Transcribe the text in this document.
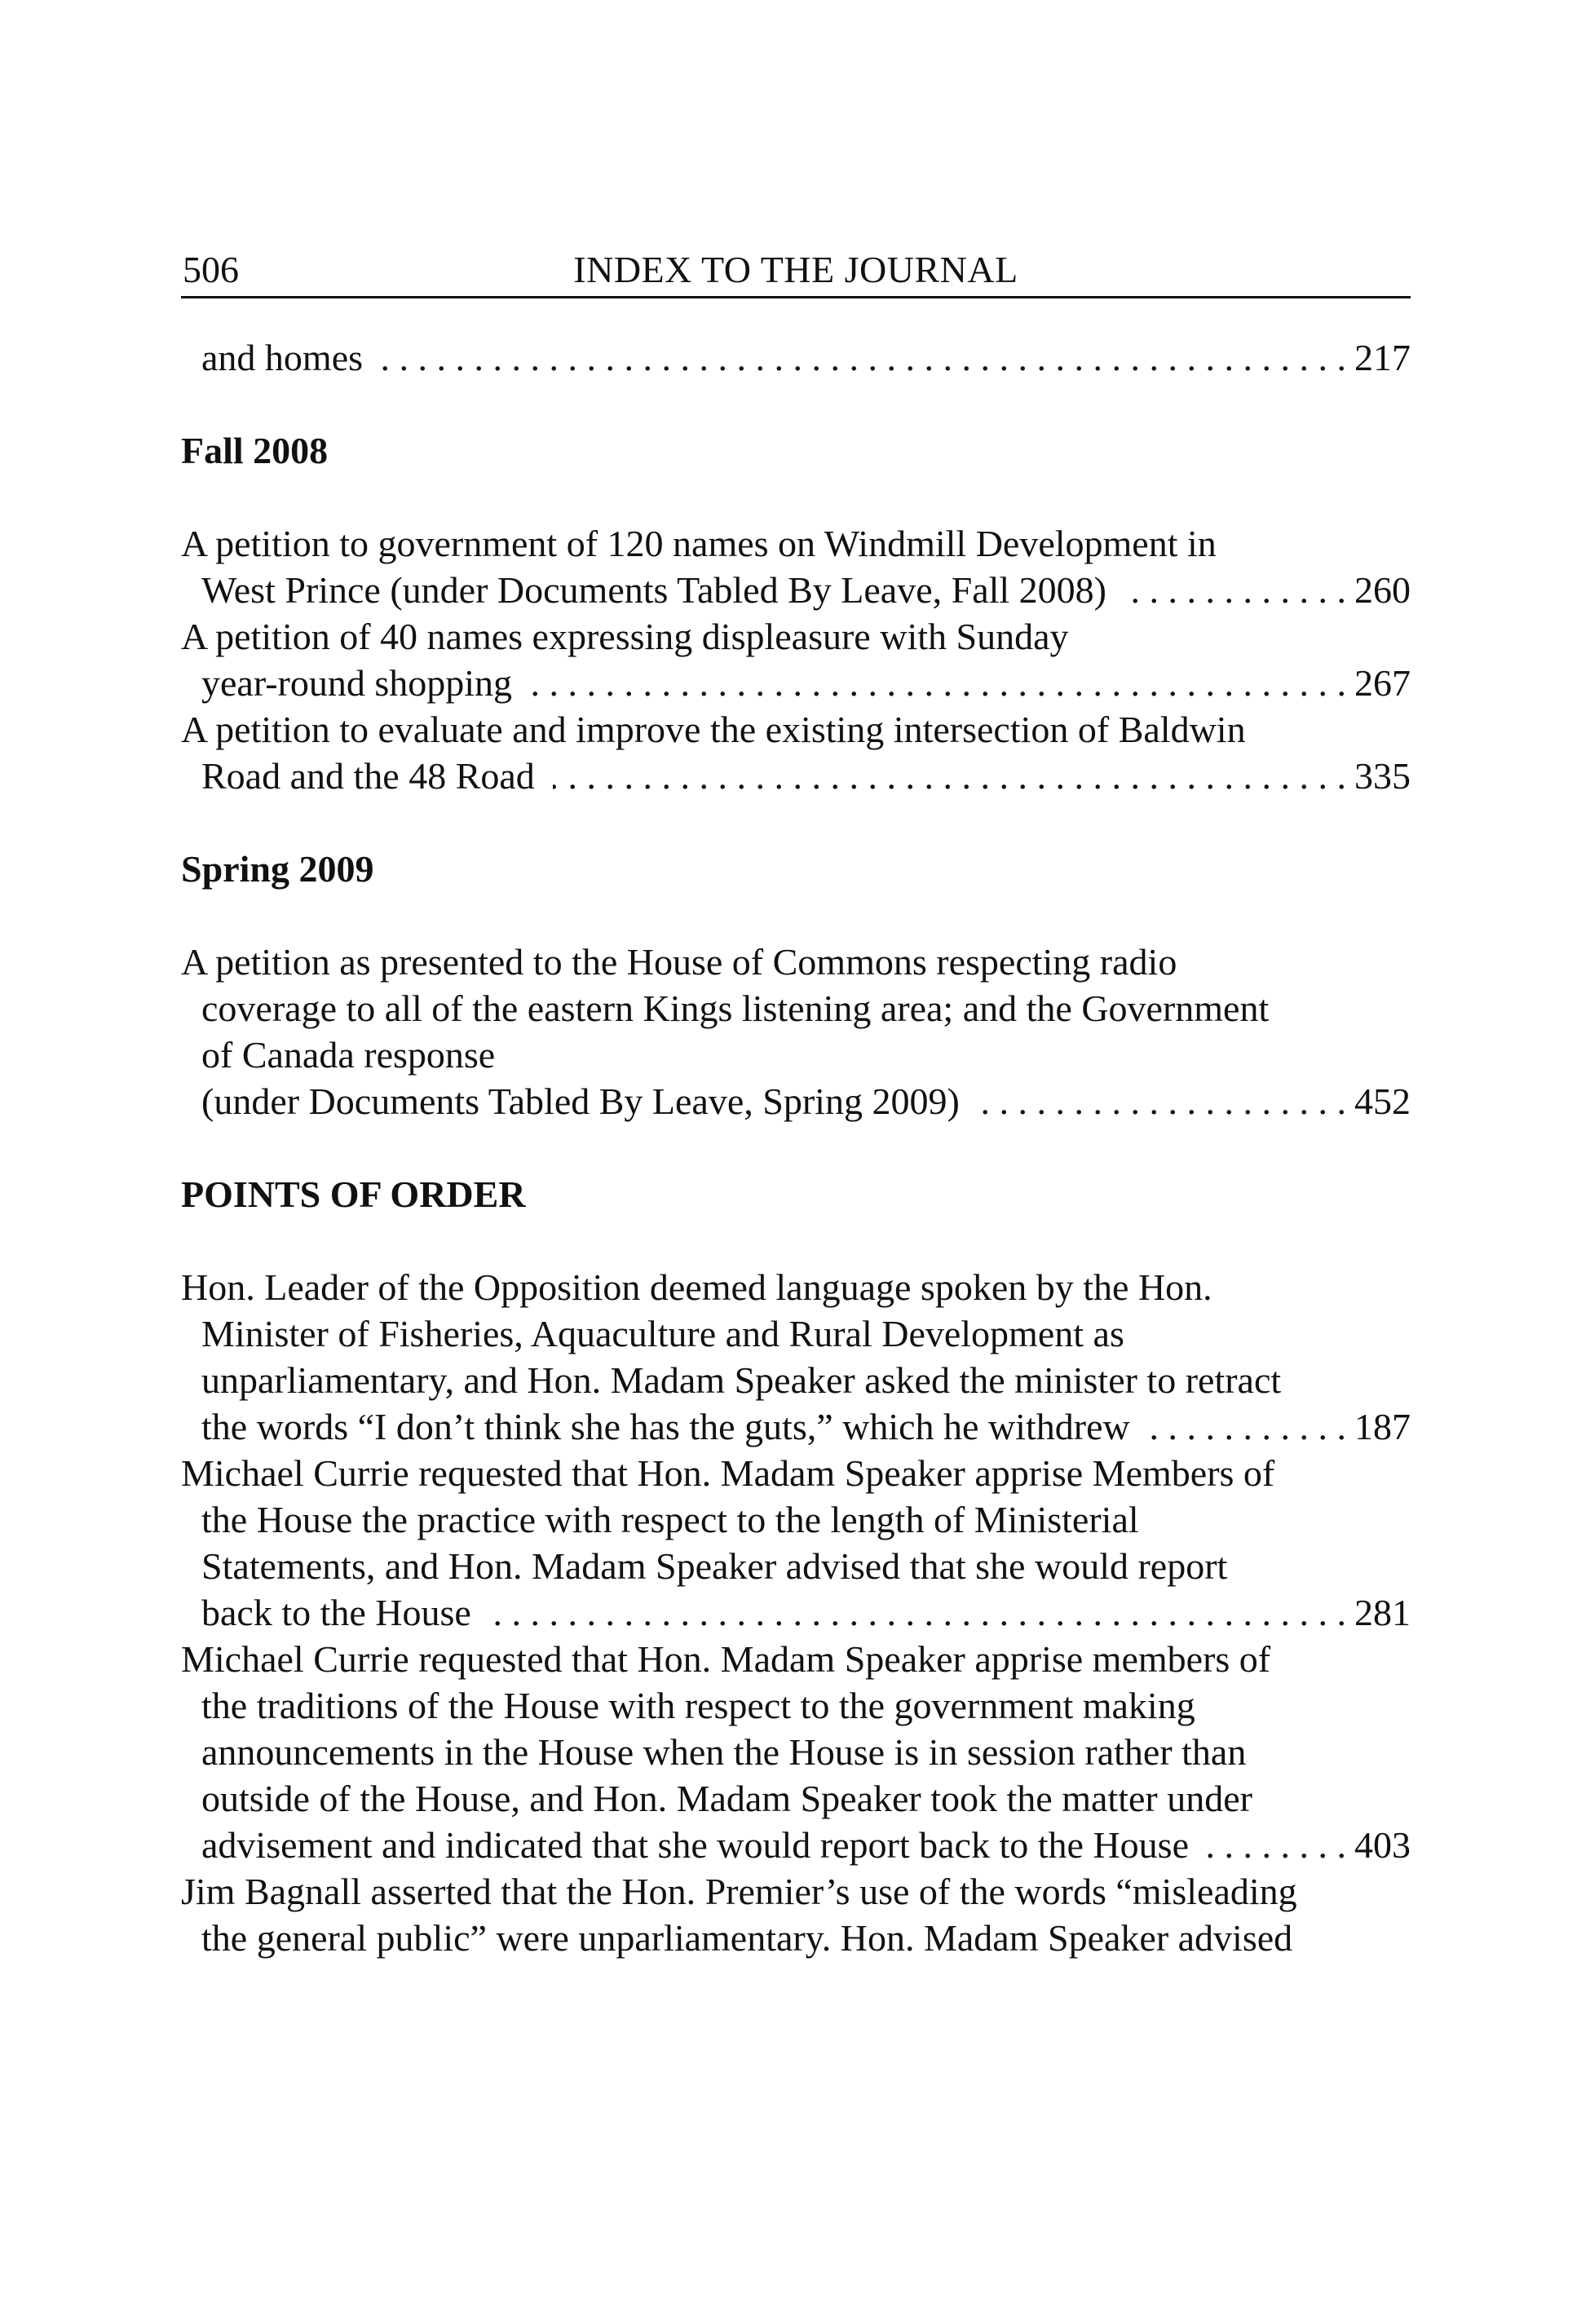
506	INDEX TO THE JOURNAL
and homes . . .	217
Fall 2008
A petition to government of 120 names on Windmill Development in
West Prince (under Documents Tabled By Leave, Fall 2008) . . .	260
A petition of 40 names expressing displeasure with Sunday
year-round shopping . . .	267
A petition to evaluate and improve the existing intersection of Baldwin
Road and the 48 Road . . .	335
Spring 2009
A petition as presented to the House of Commons respecting radio
coverage to all of the eastern Kings listening area; and the Government
of Canada response
(under Documents Tabled By Leave, Spring 2009) . . .	452
POINTS OF ORDER
Hon. Leader of the Opposition deemed language spoken by the Hon.
Minister of Fisheries, Aquaculture and Rural Development as
unparliamentary, and Hon. Madam Speaker asked the minister to retract
the words “I don’t think she has the guts,” which he withdrew . . .	187
Michael Currie requested that Hon. Madam Speaker apprise Members of
the House the practice with respect to the length of Ministerial
Statements, and Hon. Madam Speaker advised that she would report
back to the House . . .	281
Michael Currie requested that Hon. Madam Speaker apprise members of
the traditions of the House with respect to the government making
announcements in the House when the House is in session rather than
outside of the House, and Hon. Madam Speaker took the matter under
advisement and indicated that she would report back to the House . . .	403
Jim Bagnall asserted that the Hon. Premier’s use of the words “misleading
the general public” were unparliamentary. Hon. Madam Speaker advised
